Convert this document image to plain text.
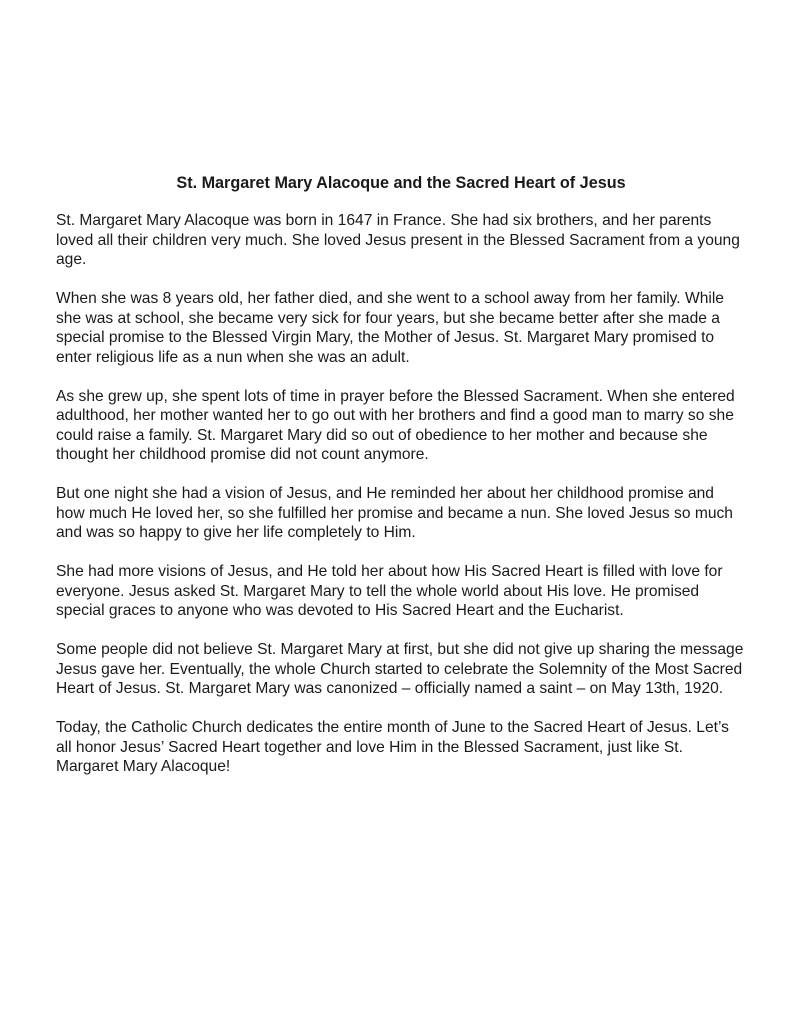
St. Margaret Mary Alacoque and the Sacred Heart of Jesus

St. Margaret Mary Alacoque was born in 1647 in France. She had six brothers, and her parents loved all their children very much. She loved Jesus present in the Blessed Sacrament from a young age.

When she was 8 years old, her father died, and she went to a school away from her family. While she was at school, she became very sick for four years, but she became better after she made a special promise to the Blessed Virgin Mary, the Mother of Jesus. St. Margaret Mary promised to enter religious life as a nun when she was an adult.

As she grew up, she spent lots of time in prayer before the Blessed Sacrament. When she entered adulthood, her mother wanted her to go out with her brothers and find a good man to marry so she could raise a family. St. Margaret Mary did so out of obedience to her mother and because she thought her childhood promise did not count anymore.

But one night she had a vision of Jesus, and He reminded her about her childhood promise and how much He loved her, so she fulfilled her promise and became a nun. She loved Jesus so much and was so happy to give her life completely to Him.

She had more visions of Jesus, and He told her about how His Sacred Heart is filled with love for everyone. Jesus asked St. Margaret Mary to tell the whole world about His love. He promised special graces to anyone who was devoted to His Sacred Heart and the Eucharist.

Some people did not believe St. Margaret Mary at first, but she did not give up sharing the message Jesus gave her. Eventually, the whole Church started to celebrate the Solemnity of the Most Sacred Heart of Jesus. St. Margaret Mary was canonized – officially named a saint – on May 13th, 1920.

Today, the Catholic Church dedicates the entire month of June to the Sacred Heart of Jesus. Let’s all honor Jesus’ Sacred Heart together and love Him in the Blessed Sacrament, just like St. Margaret Mary Alacoque!
